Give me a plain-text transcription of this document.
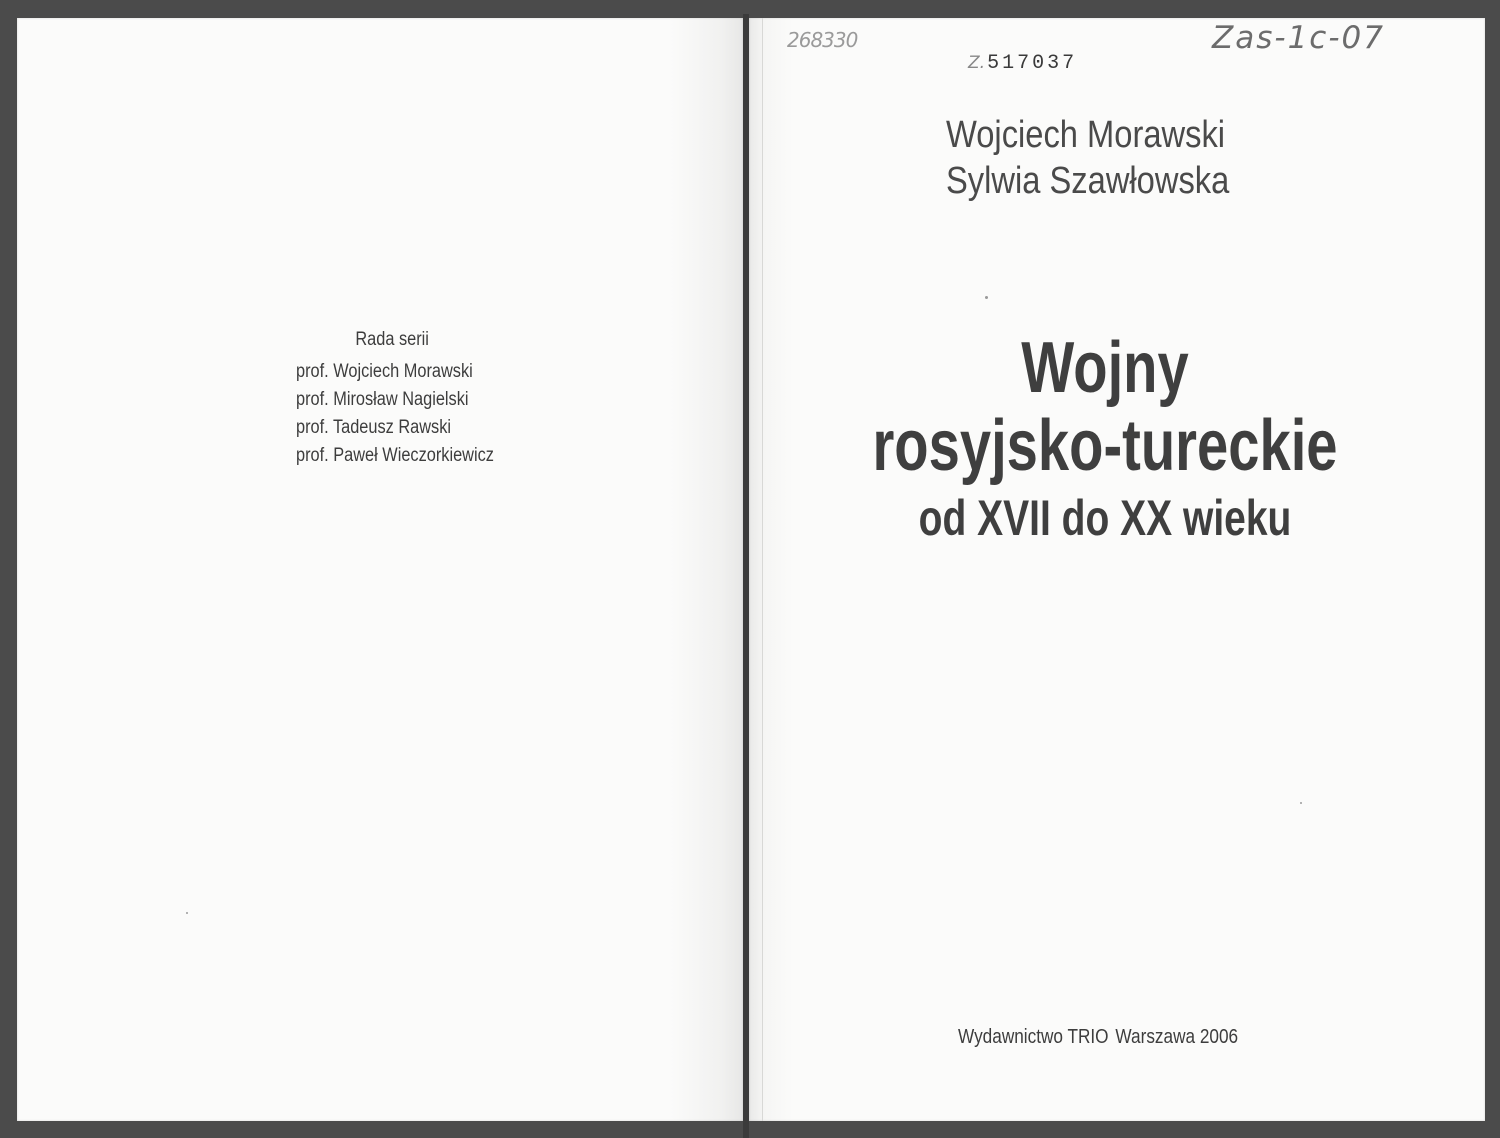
Rada serii
prof. Wojciech Morawski
prof. Mirosław Nagielski
prof. Tadeusz Rawski
prof. Paweł Wieczorkiewicz
268330	Zas-1c-07
Z. 517037
Wojciech Morawski
Sylwia Szawłowska
Wojny
rosyjsko-tureckie
od XVII do XX wieku
Wydawnictwo TRIO Warszawa 2006
